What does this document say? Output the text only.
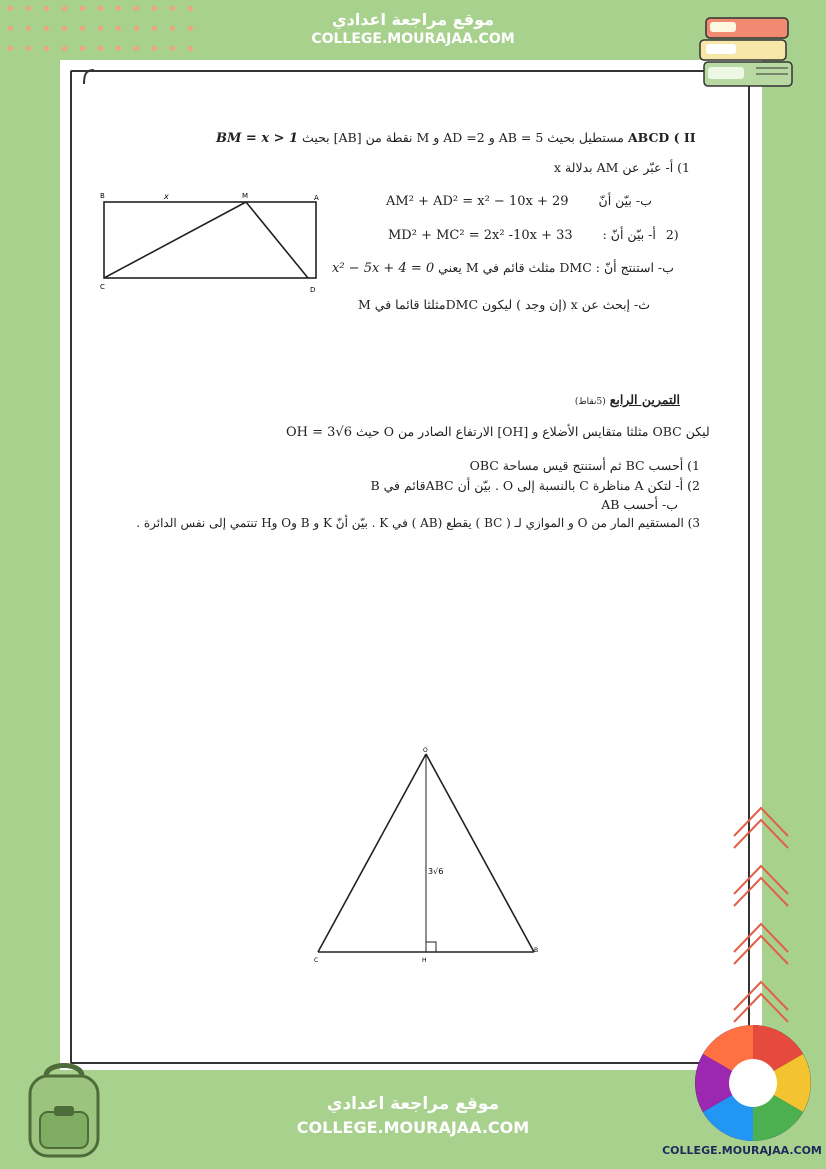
موقع مراجعة اعدادي
COLLEGE.MOURAJAA.COM
BM = x > 1 مستطيل بحيث 5 = AB و AD =2 و M نقطة من [AB] بحيث ABCD ( II
1) أ- عبّر عن AM بدلالة x
AM² + AD² = x² − 10x + 29 ب- بيّن أنّ
MD² + MC² = 2x² -10x + 33 أ- بيّن أنّ : 2)
x² − 5x + 4 = 0 ب- استنتج أنّ : DMC مثلث قائم في M يعني
ث- إبحث عن x (إن وجد ) ليكون DMCمثلثا قائما في M
B	x	M	A
C	D
التمرين الرابع (5نقاط)
OH = 3√6 ليكن OBC مثلثا متقايس الأضلاع و [OH] الارتفاع الصادر من O حيث
1) أحسب BC ثم أستنتج قيس مساحة OBC
2) أ- لتكن A مناظرة C بالنسبة إلى O . بيّن أن ABCقائم في B
ب- أحسب AB
3) المستقيم المار من O و الموازي لـ ( BC ) يقطع (AB ) في K . بيّن أنّ K و B وO وH تنتمي إلى نفس الدائرة .
O
C	H
B
3√6
موقع مراجعة اعدادي
COLLEGE.MOURAJAA.COM
COLLEGE.MOURAJAA.COM
